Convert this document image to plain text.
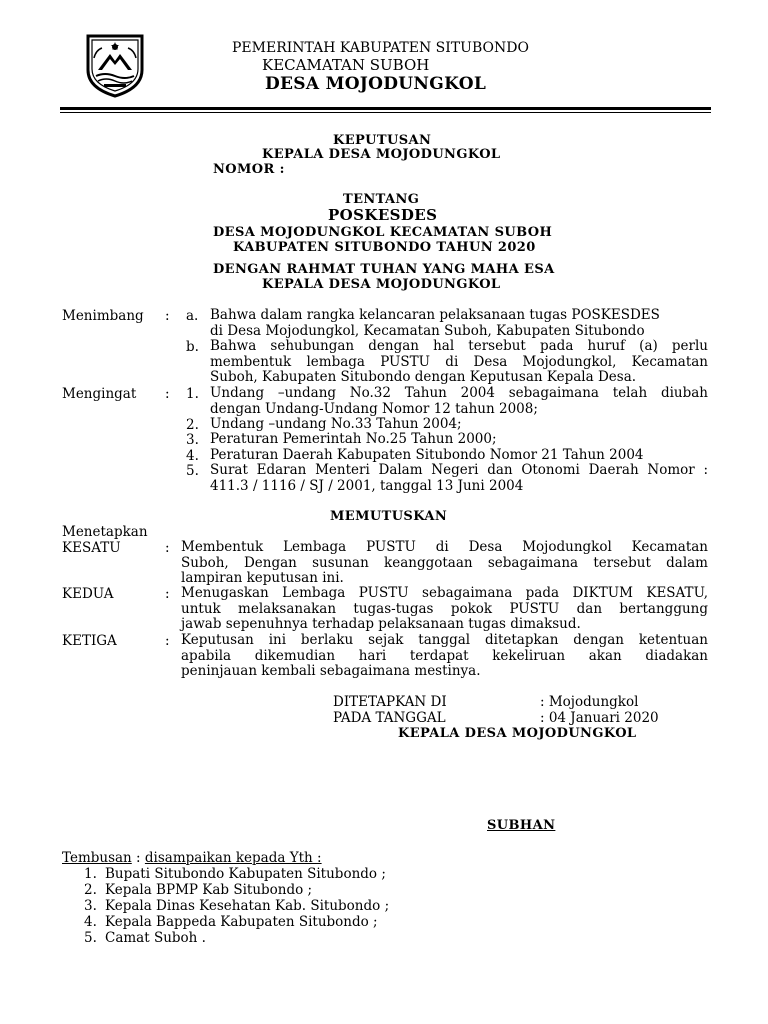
PEMERINTAH KABUPATEN SITUBONDO
KECAMATAN SUBOH
DESA MOJODUNGKOL
KEPUTUSAN
KEPALA DESA MOJODUNGKOL
NOMOR :
TENTANG
POSKESDES
DESA MOJODUNGKOL KECAMATAN SUBOH
KABUPATEN SITUBONDO TAHUN 2020
DENGAN RAHMAT TUHAN YANG MAHA ESA
KEPALA DESA MOJODUNGKOL
Menimbang : a. Bahwa dalam rangka kelancaran pelaksanaan tugas POSKESDES
di Desa Mojodungkol, Kecamatan Suboh, Kabupaten Situbondo
b. Bahwa sehubungan dengan hal tersebut pada huruf (a) perlu
membentuk lembaga PUSTU di Desa Mojodungkol, Kecamatan
Suboh, Kabupaten Situbondo dengan Keputusan Kepala Desa.
Mengingat : 1. Undang –undang No.32 Tahun 2004 sebagaimana telah diubah
dengan Undang-Undang Nomor 12 tahun 2008;
2. Undang –undang No.33 Tahun 2004;
3. Peraturan Pemerintah No.25 Tahun 2000;
4. Peraturan Daerah Kabupaten Situbondo Nomor 21 Tahun 2004
5. Surat Edaran Menteri Dalam Negeri dan Otonomi Daerah Nomor :
411.3 / 1116 / SJ / 2001, tanggal 13 Juni 2004
MEMUTUSKAN
Menetapkan
KESATU	: Membentuk Lembaga PUSTU di Desa Mojodungkol Kecamatan
Suboh, Dengan susunan keanggotaan sebagaimana tersebut dalam
lampiran keputusan ini.
KEDUA	: Menugaskan Lembaga PUSTU sebagaimana pada DIKTUM KESATU,
untuk melaksanakan tugas-tugas pokok PUSTU dan bertanggung
jawab sepenuhnya terhadap pelaksanaan tugas dimaksud.
KETIGA	: Keputusan ini berlaku sejak tanggal ditetapkan dengan ketentuan
apabila dikemudian hari terdapat kekeliruan akan diadakan
peninjauan kembali sebagaimana mestinya.
DITETAPKAN DI	: Mojodungkol
PADA TANGGAL	: 04 Januari 2020
KEPALA DESA MOJODUNGKOL
SUBHAN
Tembusan : disampaikan kepada Yth :
1. Bupati Situbondo Kabupaten Situbondo ;
2. Kepala BPMP Kab Situbondo ;
3. Kepala Dinas Kesehatan Kab. Situbondo ;
4. Kepala Bappeda Kabupaten Situbondo ;
5. Camat Suboh .
